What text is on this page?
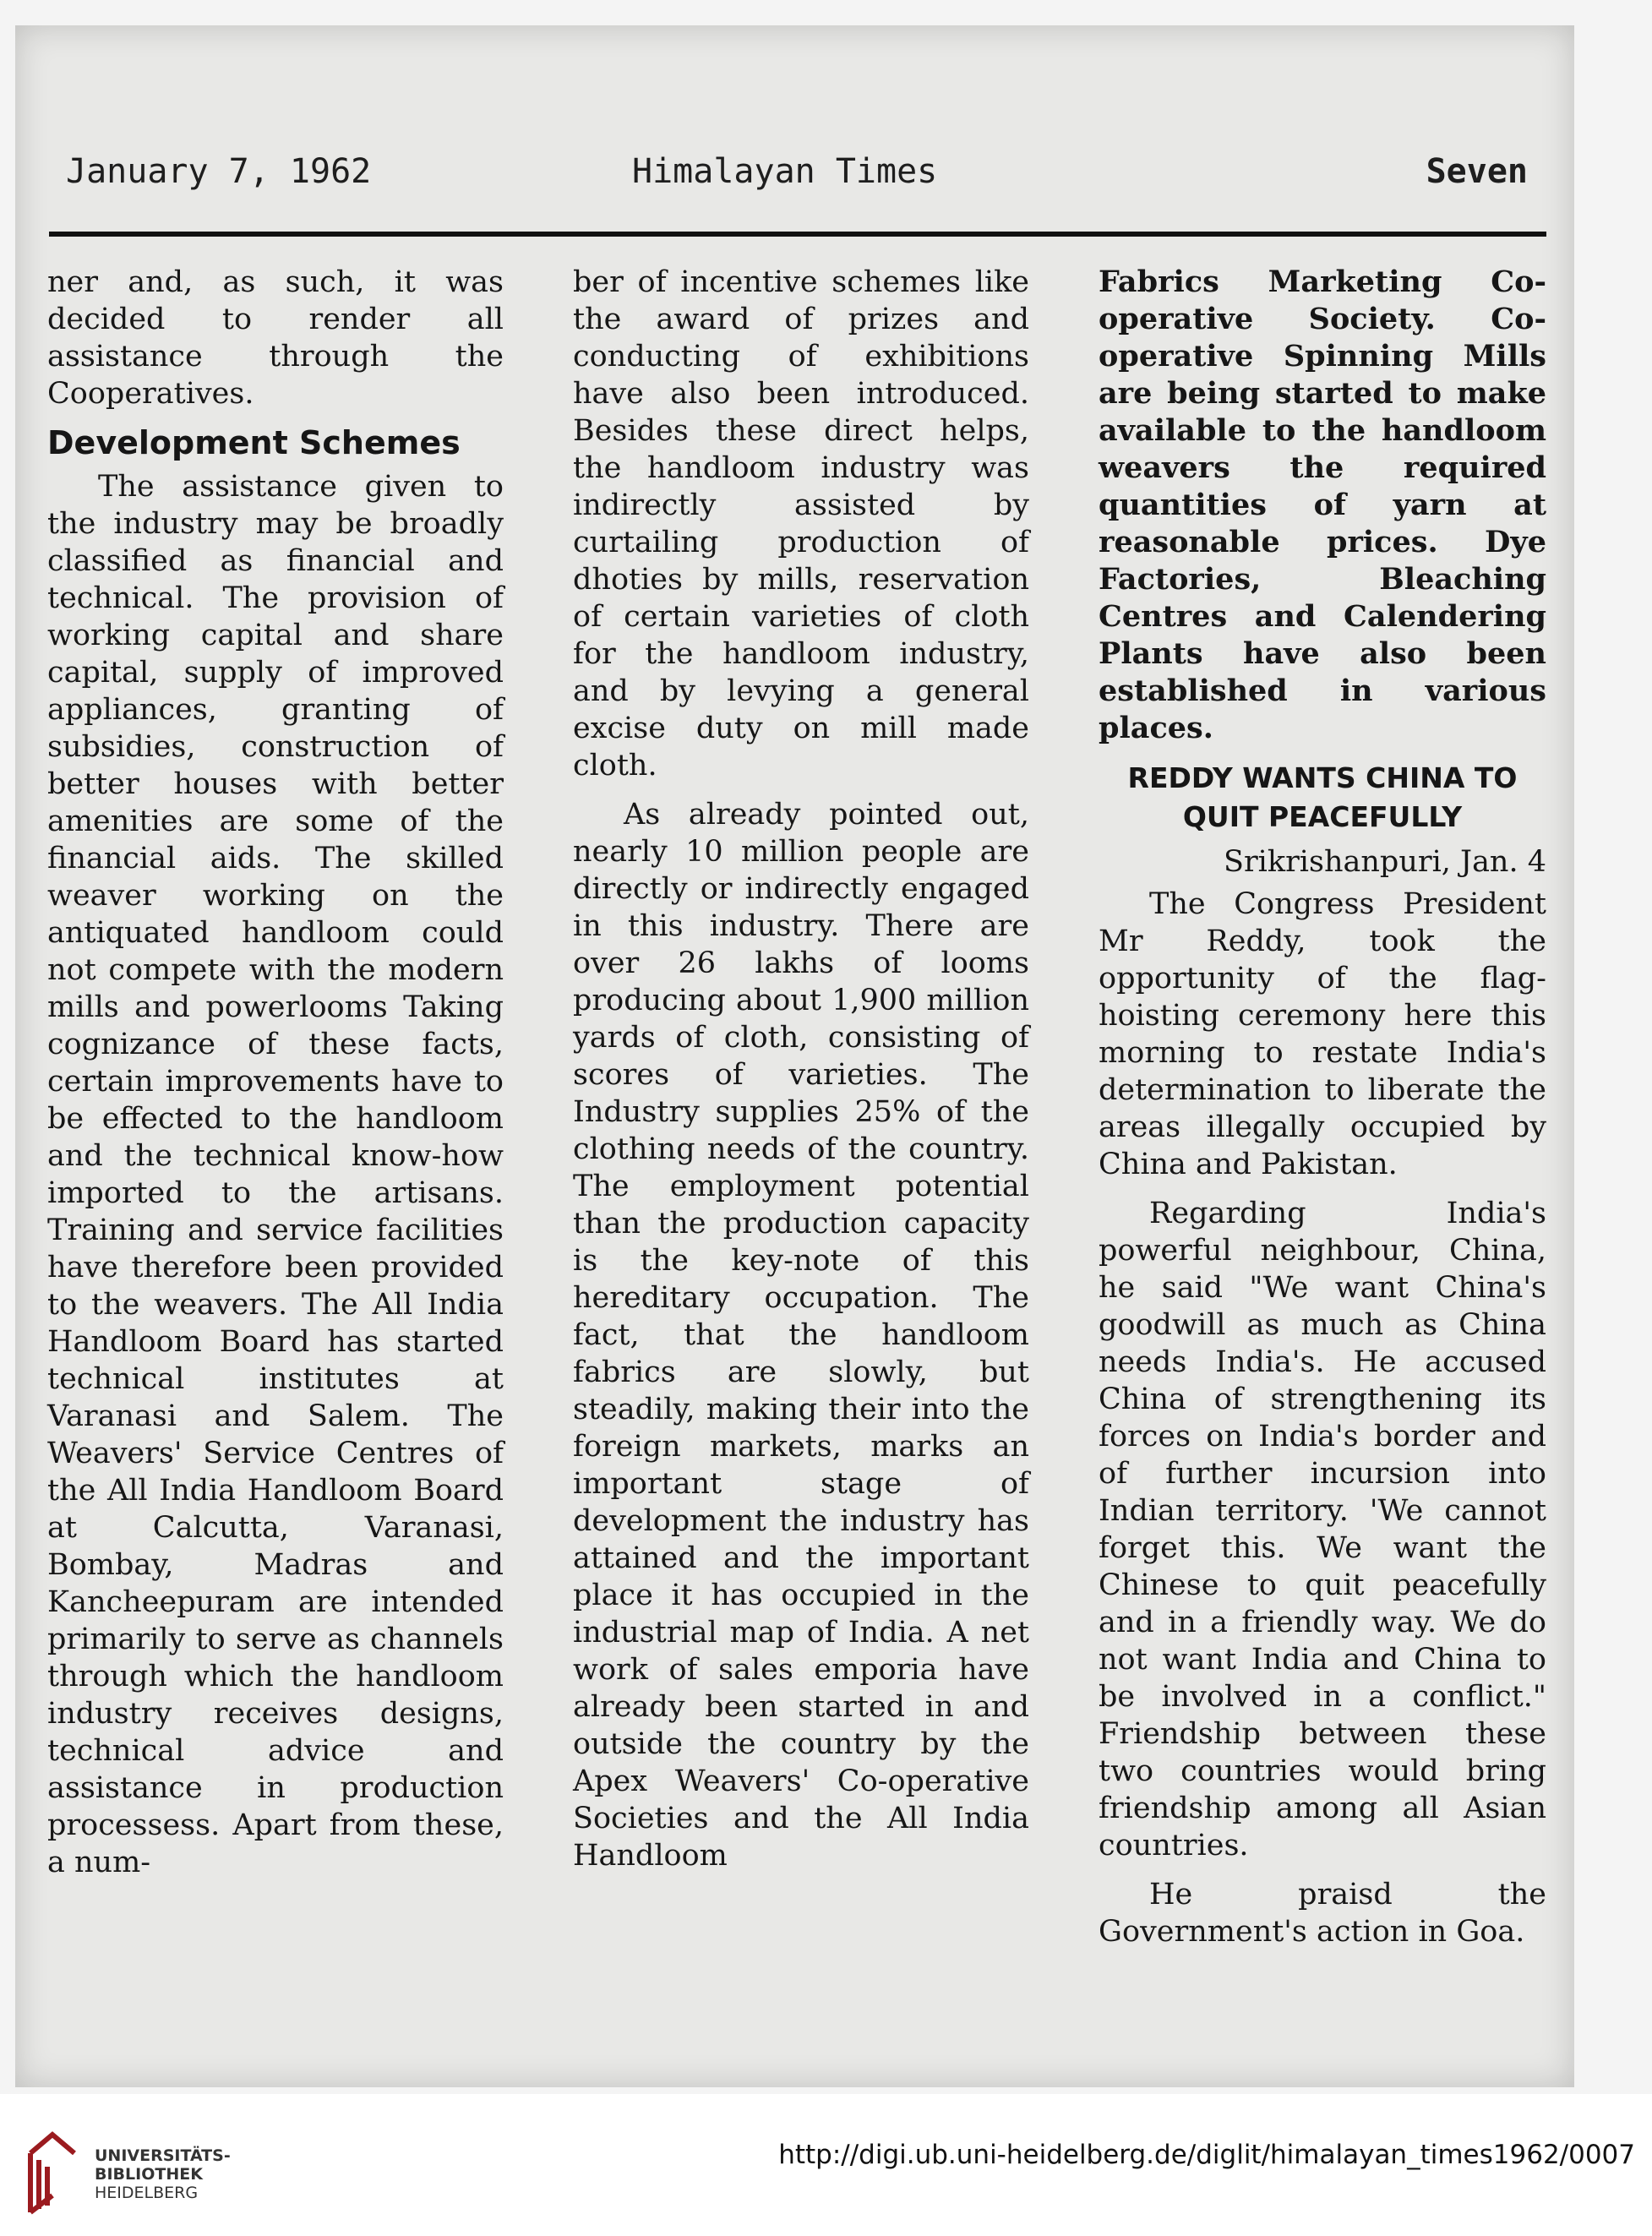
January 7, 1962	Himalayan Times	Seven

ner and, as such, it was decided to render all assistance through the Cooperatives.

Development Schemes

The assistance given to the industry may be broadly classified as financial and technical. The provision of working capital and share capital, supply of improved appliances, granting of subsidies, construction of better houses with better amenities are some of the financial aids. The skilled weaver working on the antiquated handloom could not compete with the modern mills and powerlooms Taking cognizance of these facts, certain improvements have to be effected to the handloom and the technical know-how imported to the artisans. Training and service facilities have therefore been provided to the weavers. The All India Handloom Board has started technical institutes at Varanasi and Salem. The Weavers' Service Centres of the All India Handloom Board at Calcutta, Varanasi, Bombay, Madras and Kancheepuram are intended primarily to serve as channels through which the handloom industry receives designs, technical advice and assistance in production processess. Apart from these, a num-

ber of incentive schemes like the award of prizes and conducting of exhibitions have also been introduced. Besides these direct helps, the handloom industry was indirectly assisted by curtailing production of dhoties by mills, reservation of certain varieties of cloth for the handloom industry, and by levying a general excise duty on mill made cloth.

As already pointed out, nearly 10 million people are directly or indirectly engaged in this industry. There are over 26 lakhs of looms producing about 1,900 million yards of cloth, consisting of scores of varieties. The Industry supplies 25% of the clothing needs of the country. The employment potential than the production capacity is the key-note of this hereditary occupation. The fact, that the handloom fabrics are slowly, but steadily, making their into the foreign markets, marks an important stage of development the industry has attained and the important place it has occupied in the industrial map of India. A net work of sales emporia have already been started in and outside the country by the Apex Weavers' Co-operative Societies and the All India Handloom

Fabrics Marketing Co-operative Society. Co-operative Spinning Mills are being started to make available to the handloom weavers the required quantities of yarn at reasonable prices. Dye Factories, Bleaching Centres and Calendering Plants have also been established in various places.

REDDY WANTS CHINA TO
QUIT PEACEFULLY

Srikrishanpuri, Jan. 4

The Congress President Mr Reddy, took the opportunity of the flag-hoisting ceremony here this morning to restate India's determination to liberate the areas illegally occupied by China and Pakistan.

Regarding India's powerful neighbour, China, he said "We want China's goodwill as much as China needs India's. He accused China of strengthening its forces on India's border and of further incursion into Indian territory. 'We cannot forget this. We want the Chinese to quit peacefully and in a friendly way. We do not want India and China to be involved in a conflict." Friendship between these two countries would bring friendship among all Asian countries.

He praisd the Government's action in Goa.

UNIVERSITÄTS-
BIBLIOTHEK
HEIDELBERG
http://digi.ub.uni-heidelberg.de/diglit/himalayan_times1962/0007
